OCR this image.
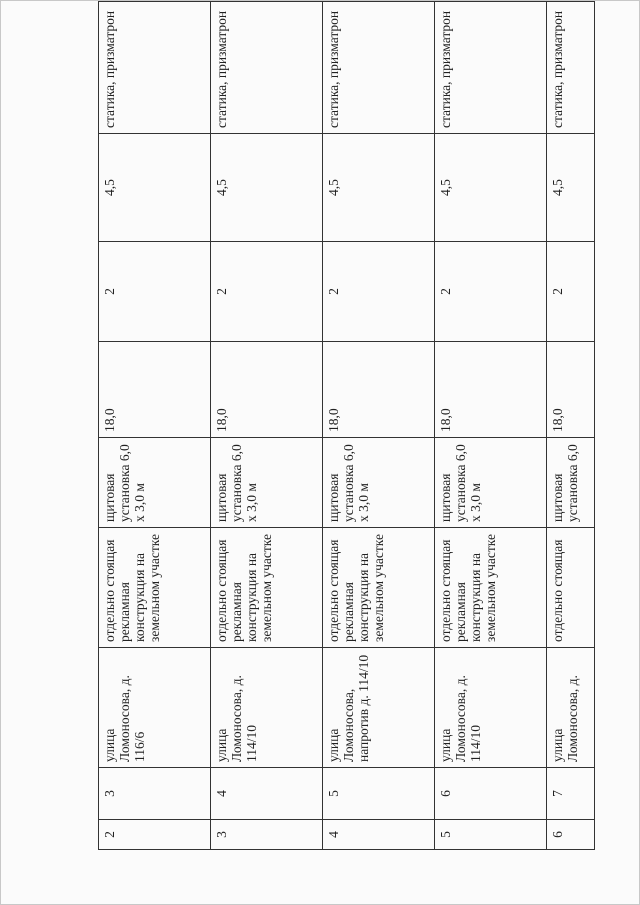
2	3	улица Ломоносова, д. 116/6	отдельно стоящая рекламная конструкция на земельном участке	щитовая установка 6,0 х 3,0 м	18,0	2	4,5	статика, призматрон
3	4	улица Ломоносова, д. 114/10	отдельно стоящая рекламная конструкция на земельном участке	щитовая установка 6,0 х 3,0 м	18,0	2	4,5	статика, призматрон
4	5	улица Ломоносова, напротив д. 114/10	отдельно стоящая рекламная конструкция на земельном участке	щитовая установка 6,0 х 3,0 м	18,0	2	4,5	статика, призматрон
5	6	улица Ломоносова, д. 114/10	отдельно стоящая рекламная конструкция на земельном участке	щитовая установка 6,0 х 3,0 м	18,0	2	4,5	статика, призматрон
6	7	улица Ломоносова, д.	отдельно стоящая	щитовая установка 6,0	18,0	2	4,5	статика, призматрон
